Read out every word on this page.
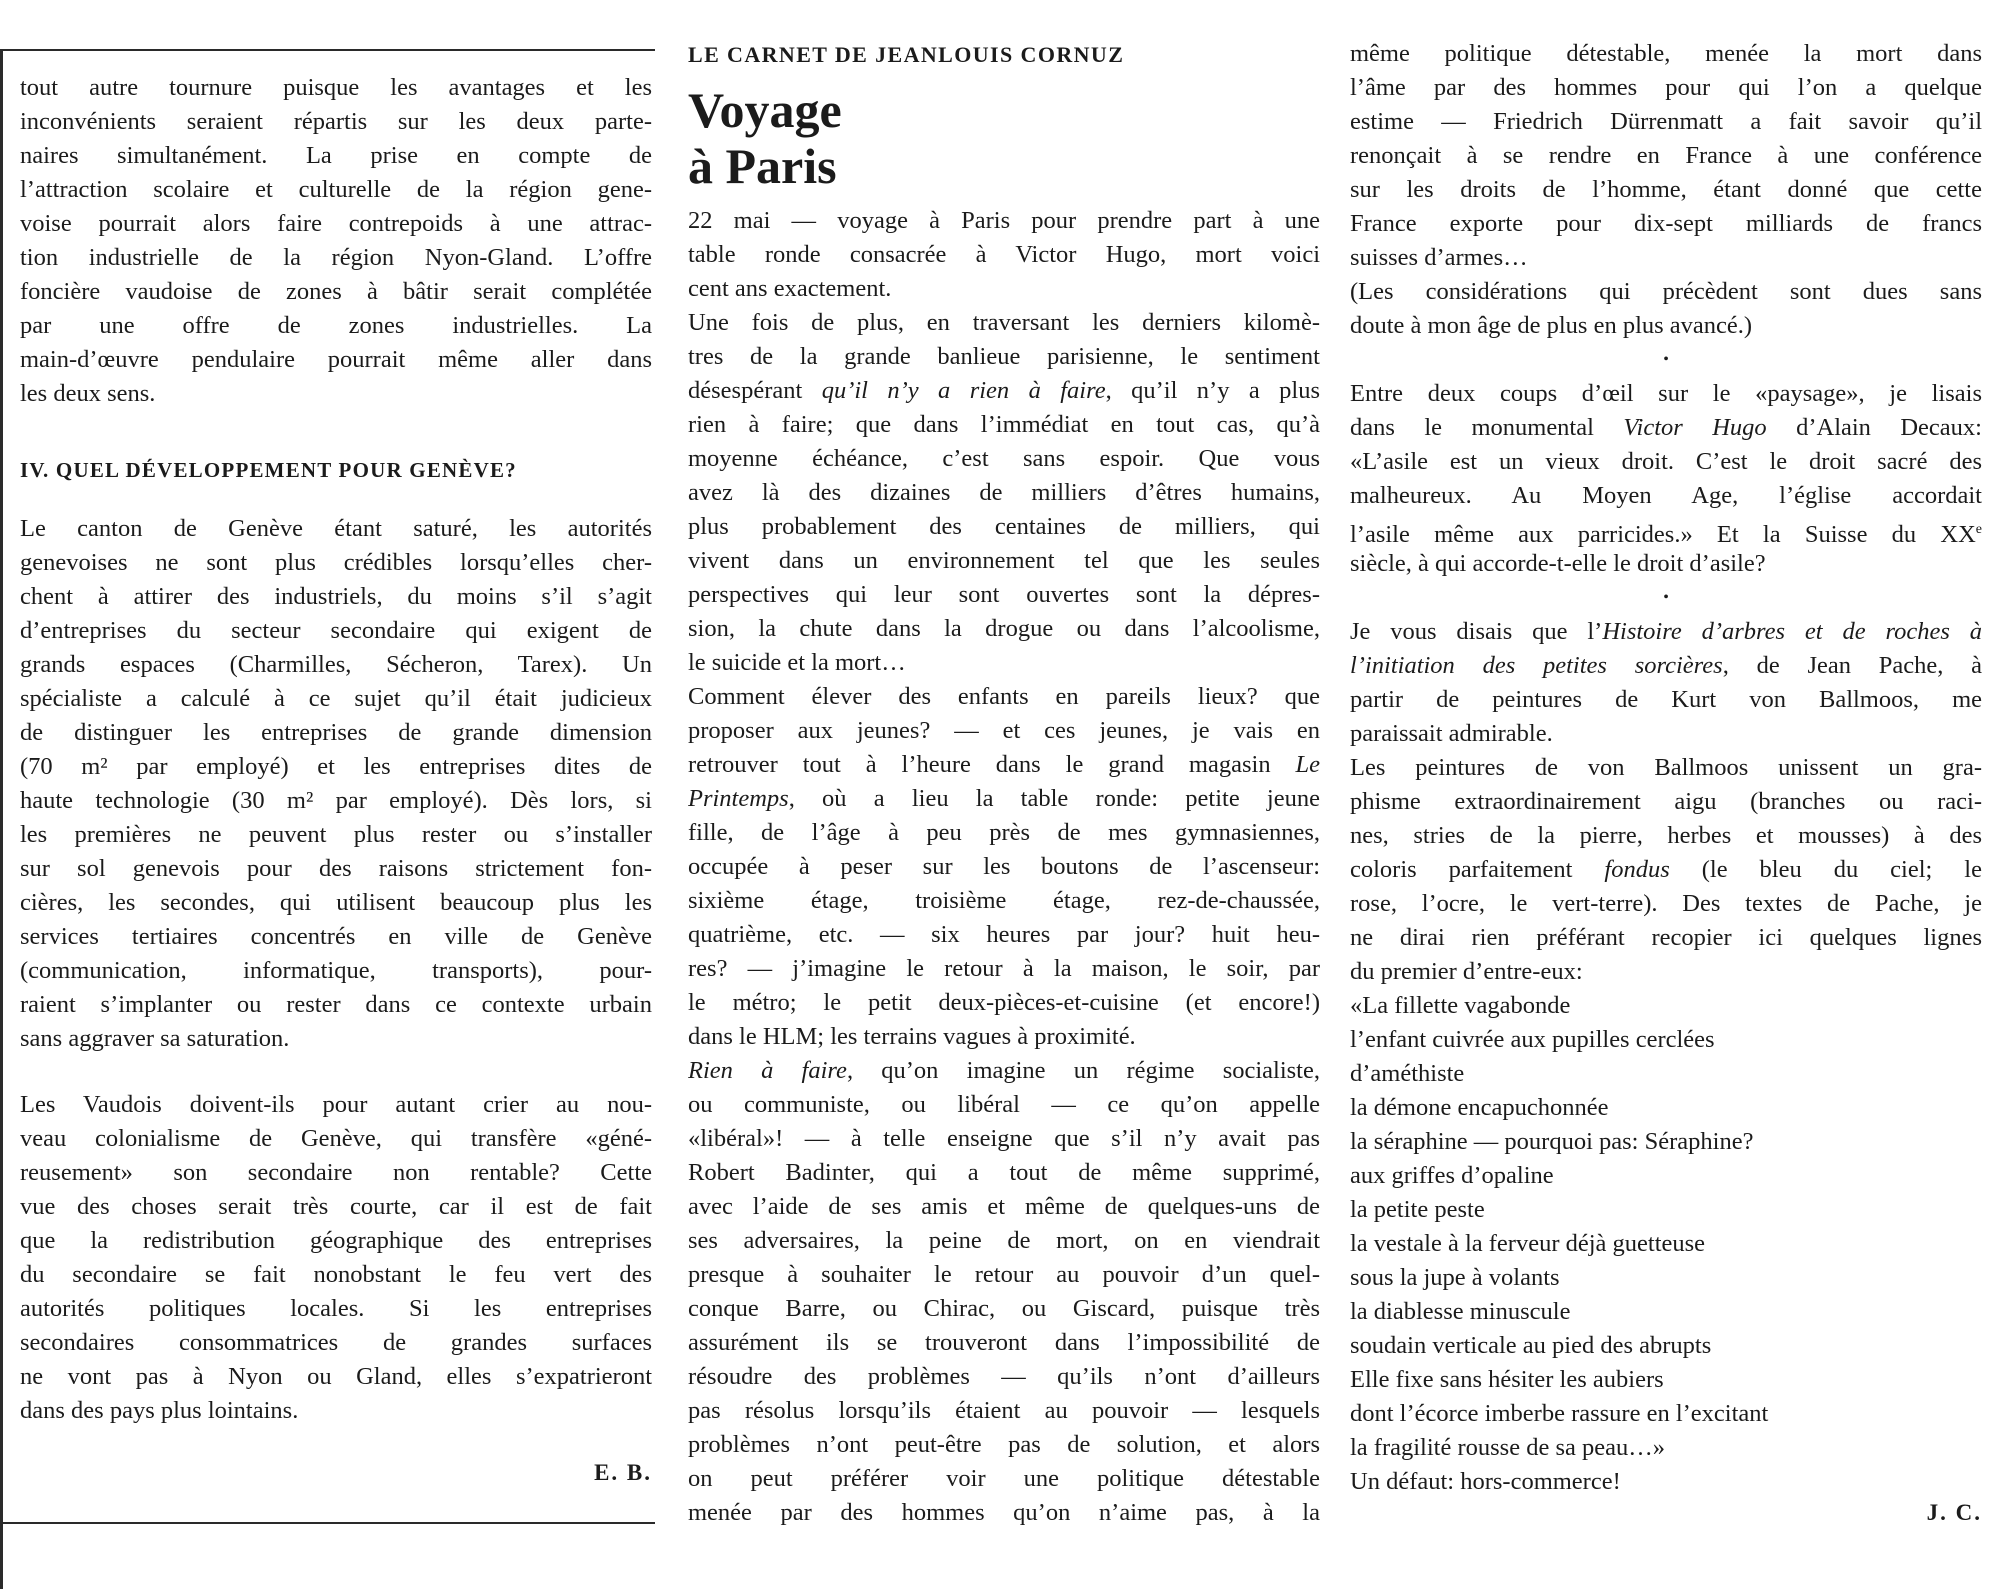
tout autre tournure puisque les avantages et les
inconvénients seraient répartis sur les deux parte-
naires simultanément. La prise en compte de
l’attraction scolaire et culturelle de la région gene-
voise pourrait alors faire contrepoids à une attrac-
tion industrielle de la région Nyon-Gland. L’offre
foncière vaudoise de zones à bâtir serait complétée
par une offre de zones industrielles. La
main-d’œuvre pendulaire pourrait même aller dans
les deux sens.
IV. QUEL DÉVELOPPEMENT POUR GENÈVE?
Le canton de Genève étant saturé, les autorités
genevoises ne sont plus crédibles lorsqu’elles cher-
chent à attirer des industriels, du moins s’il s’agit
d’entreprises du secteur secondaire qui exigent de
grands espaces (Charmilles, Sécheron, Tarex). Un
spécialiste a calculé à ce sujet qu’il était judicieux
de distinguer les entreprises de grande dimension
(70 m² par employé) et les entreprises dites de
haute technologie (30 m² par employé). Dès lors, si
les premières ne peuvent plus rester ou s’installer
sur sol genevois pour des raisons strictement fon-
cières, les secondes, qui utilisent beaucoup plus les
services tertiaires concentrés en ville de Genève
(communication, informatique, transports), pour-
raient s’implanter ou rester dans ce contexte urbain
sans aggraver sa saturation.
Les Vaudois doivent-ils pour autant crier au nou-
veau colonialisme de Genève, qui transfère «géné-
reusement» son secondaire non rentable? Cette
vue des choses serait très courte, car il est de fait
que la redistribution géographique des entreprises
du secondaire se fait nonobstant le feu vert des
autorités politiques locales. Si les entreprises
secondaires consommatrices de grandes surfaces
ne vont pas à Nyon ou Gland, elles s’expatrieront
dans des pays plus lointains.
E. B.
LE CARNET DE JEANLOUIS CORNUZ
Voyage
à Paris
22 mai — voyage à Paris pour prendre part à une
table ronde consacrée à Victor Hugo, mort voici
cent ans exactement.
Une fois de plus, en traversant les derniers kilomè-
tres de la grande banlieue parisienne, le sentiment
désespérant qu’il n’y a rien à faire, qu’il n’y a plus
rien à faire; que dans l’immédiat en tout cas, qu’à
moyenne échéance, c’est sans espoir. Que vous
avez là des dizaines de milliers d’êtres humains,
plus probablement des centaines de milliers, qui
vivent dans un environnement tel que les seules
perspectives qui leur sont ouvertes sont la dépres-
sion, la chute dans la drogue ou dans l’alcoolisme,
le suicide et la mort…
Comment élever des enfants en pareils lieux? que
proposer aux jeunes? — et ces jeunes, je vais en
retrouver tout à l’heure dans le grand magasin Le
Printemps, où a lieu la table ronde: petite jeune
fille, de l’âge à peu près de mes gymnasiennes,
occupée à peser sur les boutons de l’ascenseur:
sixième étage, troisième étage, rez-de-chaussée,
quatrième, etc. — six heures par jour? huit heu-
res? — j’imagine le retour à la maison, le soir, par
le métro; le petit deux-pièces-et-cuisine (et encore!)
dans le HLM; les terrains vagues à proximité.
Rien à faire, qu’on imagine un régime socialiste,
ou communiste, ou libéral — ce qu’on appelle
«libéral»! — à telle enseigne que s’il n’y avait pas
Robert Badinter, qui a tout de même supprimé,
avec l’aide de ses amis et même de quelques-uns de
ses adversaires, la peine de mort, on en viendrait
presque à souhaiter le retour au pouvoir d’un quel-
conque Barre, ou Chirac, ou Giscard, puisque très
assurément ils se trouveront dans l’impossibilité de
résoudre des problèmes — qu’ils n’ont d’ailleurs
pas résolus lorsqu’ils étaient au pouvoir — lesquels
problèmes n’ont peut-être pas de solution, et alors
on peut préférer voir une politique détestable
menée par des hommes qu’on n’aime pas, à la
même politique détestable, menée la mort dans
l’âme par des hommes pour qui l’on a quelque
estime — Friedrich Dürrenmatt a fait savoir qu’il
renonçait à se rendre en France à une conférence
sur les droits de l’homme, étant donné que cette
France exporte pour dix-sept milliards de francs
suisses d’armes…
(Les considérations qui précèdent sont dues sans
doute à mon âge de plus en plus avancé.)
•
Entre deux coups d’œil sur le «paysage», je lisais
dans le monumental Victor Hugo d’Alain Decaux:
«L’asile est un vieux droit. C’est le droit sacré des
malheureux. Au Moyen Age, l’église accordait
l’asile même aux parricides.» Et la Suisse du XXe
siècle, à qui accorde-t-elle le droit d’asile?
•
Je vous disais que l’Histoire d’arbres et de roches à
l’initiation des petites sorcières, de Jean Pache, à
partir de peintures de Kurt von Ballmoos, me
paraissait admirable.
Les peintures de von Ballmoos unissent un gra-
phisme extraordinairement aigu (branches ou raci-
nes, stries de la pierre, herbes et mousses) à des
coloris parfaitement fondus (le bleu du ciel; le
rose, l’ocre, le vert-terre). Des textes de Pache, je
ne dirai rien préférant recopier ici quelques lignes
du premier d’entre-eux:
«La fillette vagabonde
l’enfant cuivrée aux pupilles cerclées
d’améthiste
la démone encapuchonnée
la séraphine — pourquoi pas: Séraphine?
aux griffes d’opaline
la petite peste
la vestale à la ferveur déjà guetteuse
sous la jupe à volants
la diablesse minuscule
soudain verticale au pied des abrupts
Elle fixe sans hésiter les aubiers
dont l’écorce imberbe rassure en l’excitant
la fragilité rousse de sa peau…»
Un défaut: hors-commerce!
J. C.
